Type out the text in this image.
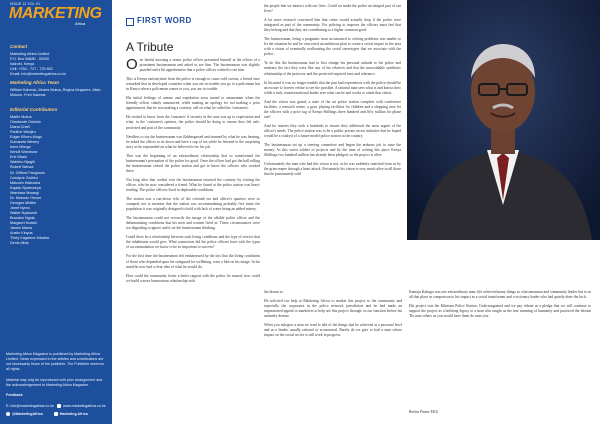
ISSUE 12 VOL 01
MARKETING
Africa
Contact
Marketing Africa Limited
P.O. Box 56680 - 00200
Nairobi, Kenya
Cell: +254 - 717 - 729 652
Email: Info@marketingafrica.co.ke
Marketing Africa Team
William Kalondu, Moses Mutua, Regina Mugwere, Allan Mutuku, Fred Kaunda
Editorial Contributors
Martin Mutua
Omotunde Oshoke
Diana Chelli
Pauline Wanjiru
Edgar Kihoro-Mugo
Sumantra Wesley
Irene Mbogo
Kenoli Wambura
Eric Waah
Wairimu Njagih
Robert Wanza
Dr. Clifford Fangrowe
Carolyne Gathiru
Malcolm Wabosha
Kaplan Nyamweya
Wambwa Mwangi
Dr. Moturan Omoni
Georges Mbithe
Janet Nyoro
Walter Nyakundi
Brandon Ngala
Margaret Mutahi
James Maina
Austin Kinyua
Thirty Kagwime-Mbatha
Denis Mbai
Marketing Africa Magazine is published by Marketing Africa Limited. Views expressed in the articles and contributions are not necessarily those of the publisher. The Publisher reserves all rights.
Material may only be reproduced with prior arrangement and the acknowledgement to Marketing Africa Magazine.
Feedback
E: info@marketingafrica.co.ke	www.marketingafrica.co.ke
@MarketingAfrica	Marketing Africa
FIRST WORD
A Tribute
O ne fateful morning a senior police officer presented himself at the offices of a prominent businessman and asked to see him. The businessman was slightly puzzled and a bit apprehensive that a police officer wished to see him.

This is Kenya and anytime from the police is enough to cause cold sweats; a friend once remarked that in developed countries when you are in trouble you go to a policeman but in Kenya when a policeman comes to you, you are in trouble.

His initial feelings of unease and trepidation soon turned to amazement when the friendly officer calmly announced, while making an apology for not making a prior appointment, that he was making a courtesy call on what he called his 'customers'.

He wished to know from the 'customer' if security in the area was up to expectation and what, in the 'customer's opinion, the police should be doing to ensure they felt safe, protected and part of the community.

Needless to say the businessman was flabbergasted and stunned by what he was hearing, he asked the officer to sit down and have a cup of tea while he listened to the surprising story as he expounded on what he believed to be his job.

That was the beginning of an extraordinary relationship that so transformed the businessman's perception of the police for good. Once the officer had got the ball rolling the businessman visited the police station and got to know the officers who worked there.

Not long after that cordial visit the businessman returned the courtesy by visiting the officer, who he now considered a friend. What he found at the police station was heart-rending. The police officers lived in deplorable conditions.

The station was a run-down relic of the colonial era and officer's quarters were so cramped, not to mention that the station was accommodating probably five times the population it was originally designed to hold with lack of water being an added misery.

The businessman could not reconcile the image of the affable police officer and the dehumanising conditions that his men and women lived in. These circumstances were too degrading to ignore and it set the businessman thinking.

Could there be a relationship between such living conditions and the type of service that the inhabitants would give. What connection did the police officers have with the types of accommodation we know to be so important to success?

For the first time the businessman felt embarrassed by the fact that the living conditions of those who depended upon his safeguard for wellbeing, were a blot on his image. In his mind he now had a clear idea of what he would do.

How could the community foster a better rapport with the police, he mused; how could we build a more harmonious relationship with

the people that we interact with our lives. Could we make the police an integral part of our lives?

A lot more research convinced him that crime would actually drop if the police were integrated as part of the community. For policing to improve the officers must feel that they belong and that they are contributing to a higher common good.

The businessman, being a pragmatic man accustomed to solving problems was unable to let the situation be and he concocted an ambitious plan to create a social impact in the area with a vision of eventually reallocating the social stereotypes that we associate with the police.

To do this the businessman had to first change his personal attitude to the police and embrace the fact they were like any of his relatives and that the unavoidable symbiotic relationship of the protector and the protected required trust and tolerance.

In his mind it was no longer tenable that the past bad experiences with the police should be an excuse to forever refuse to see the possible. A rational man sees what is and knows how while a truly transformational leader sees what can be and works to attain that vision.

And the vision was grand; a state of the art police station complete with conference facilities, a research centre, a gym, playing facilities for children and a shopping area for the officers with a price tag of Kenya Shillings three hundred and fifty million for phase one!

And for starters they took a hundreds to ensure they addressed the most urgent of the officer's needs. The police station was to be a public private sector initiative that he hoped would be a catalyst of a future model police station in the country.

The businessman set up a steering committee and began the arduous job to raise the money. As this sweet soldier of projects and by the time of writing this piece Kenya Shillings two hundred million has already been pledged, so the project is alive.

Unfortunately the man who had this vision is not, as he was suddenly snatched from us by the grim reaper through a heart attack. Fortunately his vision is very much alive in all those that he passionately sold

the dream to.

He solicited our help at Marketing Africa to market this project to the community and especially the corporates in the police network jurisdiction and he had made an impassioned appeal to marketers to help see this project through, in our function before his untimely demise.

When you eulogise a man we tend to talk of the things that he achieved at a personal level and as a leader, usually rational or economical. Rarely do we give or hail a man whose impact on the social sector is still work in progress.

Kamaju Kabugo was one extraordinary man, life achieved many things as a businessman and community leader but to us all that place in comparison to his impact as a social transformer and a visionary leader who had quietly done the luck.

His project was the Kilimani Police Station. Grab-sanguined and we pay tribute as a pledge that we will continue to support the project as a befitting legacy to a man who taught us the true meaning of humanity and practiced the dictum 'Do unto others as you would have them do unto you.'

Bertha Pinner EKU
